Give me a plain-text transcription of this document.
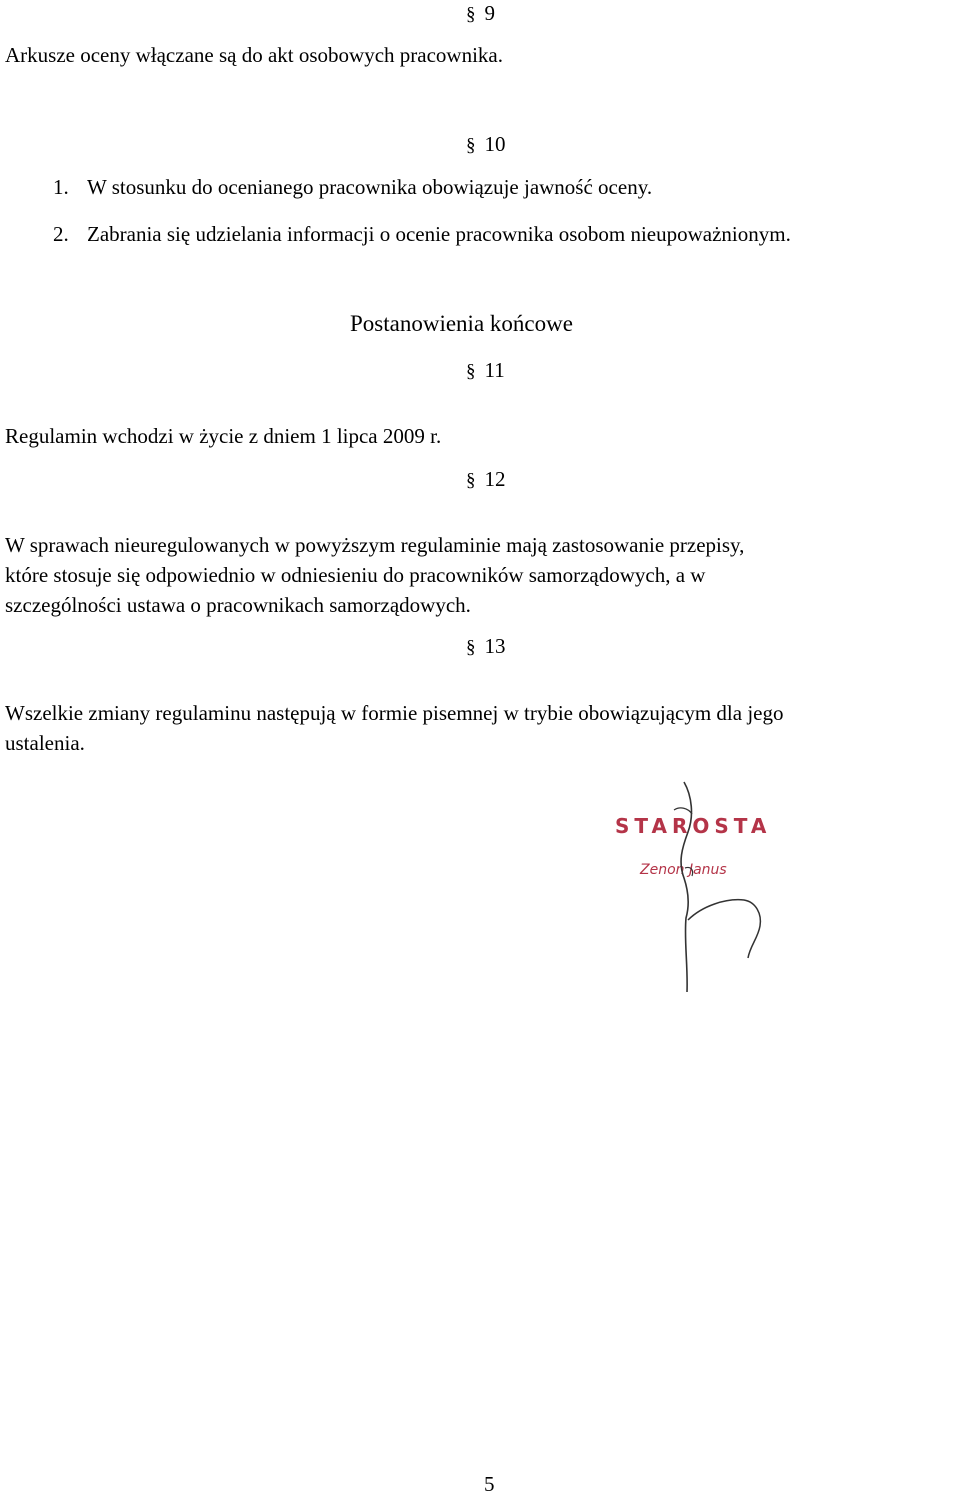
§ 9
Arkusze oceny włączane są do akt osobowych pracownika.
§ 10
1. W stosunku do ocenianego pracownika obowiązuje jawność oceny.
2. Zabrania się udzielania informacji o ocenie pracownika osobom nieupoważnionym.
Postanowienia końcowe
§ 11
Regulamin wchodzi w życie z dniem 1 lipca 2009 r.
§ 12
W sprawach nieuregulowanych w powyższym regulaminie mają zastosowanie przepisy,
które stosuje się odpowiednio w odniesieniu do pracowników samorządowych, a w
szczególności ustawa o pracownikach samorządowych.
§ 13
Wszelkie zmiany regulaminu następują w formie pisemnej w trybie obowiązującym dla jego
ustalenia.
STAROSTA
Zenon Janus
5
